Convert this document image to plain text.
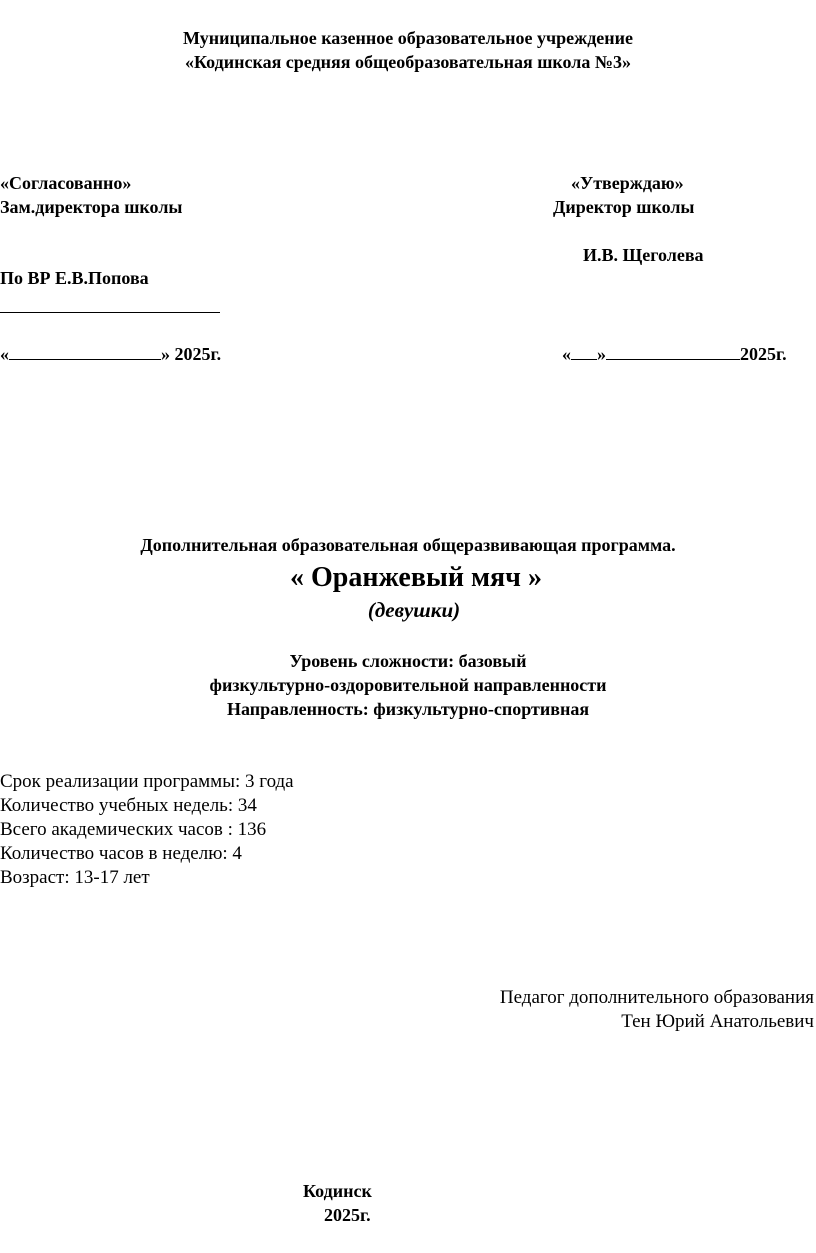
Муниципальное казенное образовательное учреждение
«Кодинская средняя общеобразовательная школа №3»
«Согласованно»
Зам.директора школы
По ВР Е.В.Попова
«	» 2025г.
«Утверждаю»
Директор школы
И.В. Щеголева
« »	2025г.
Дополнительная образовательная общеразвивающая программа.
« Оранжевый мяч »
(девушки)
Уровень сложности: базовый
физкультурно-оздоровительной направленности
Направленность: физкультурно-спортивная
Срок реализации программы: 3 года
Количество учебных недель: 34
Всего академических часов : 136
Количество часов в неделю: 4
Возраст: 13-17 лет
Педагог дополнительного образования
Тен Юрий Анатольевич
Кодинск
2025г.
